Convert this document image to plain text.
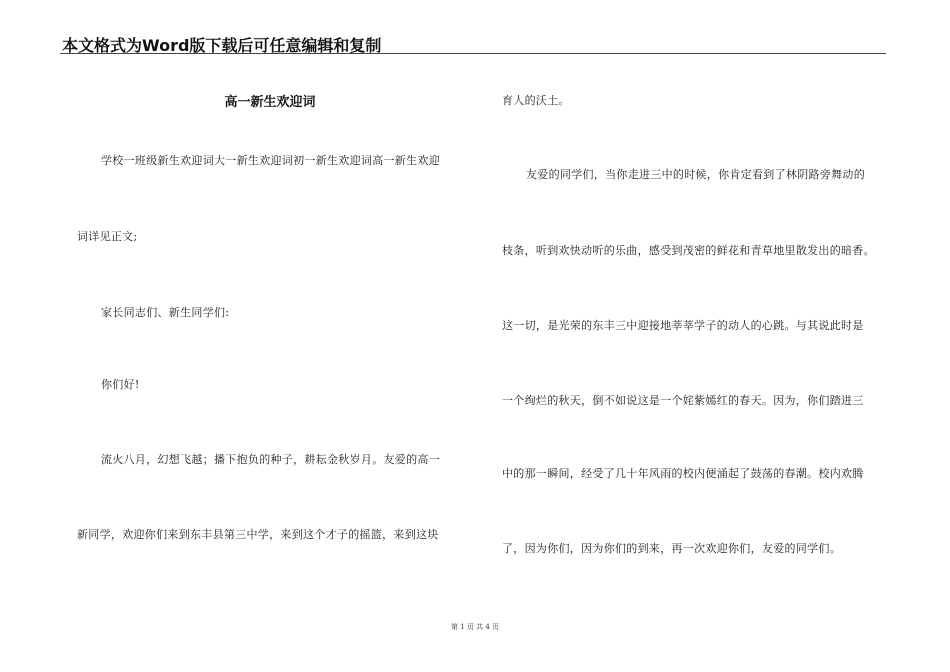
本文格式为Word版下载后可任意编辑和复制
高一新生欢迎词
学校一班级新生欢迎词大一新生欢迎词初一新生欢迎词高一新生欢迎
词详见正文;
家长同志们、新生同学们:
你们好!
流火八月，幻想飞越；播下抱负的种子，耕耘金秋岁月。友爱的高一
新同学，欢迎你们来到东丰县第三中学，来到这个才子的摇篮，来到这块
育人的沃土。
友爱的同学们，当你走进三中的时候，你肯定看到了林阴路旁舞动的
枝条，听到欢快动听的乐曲，感受到茂密的鲜花和青草地里散发出的暗香。
这一切，是光荣的东丰三中迎接地莘莘学子的动人的心跳。与其说此时是
一个绚烂的秋天，倒不如说这是一个姹紫嫣红的春天。因为，你们踏进三
中的那一瞬间，经受了几十年风雨的校内便涌起了鼓荡的春潮。校内欢腾
了，因为你们，因为你们的到来，再一次欢迎你们，友爱的同学们。
第 1 页 共 4 页
